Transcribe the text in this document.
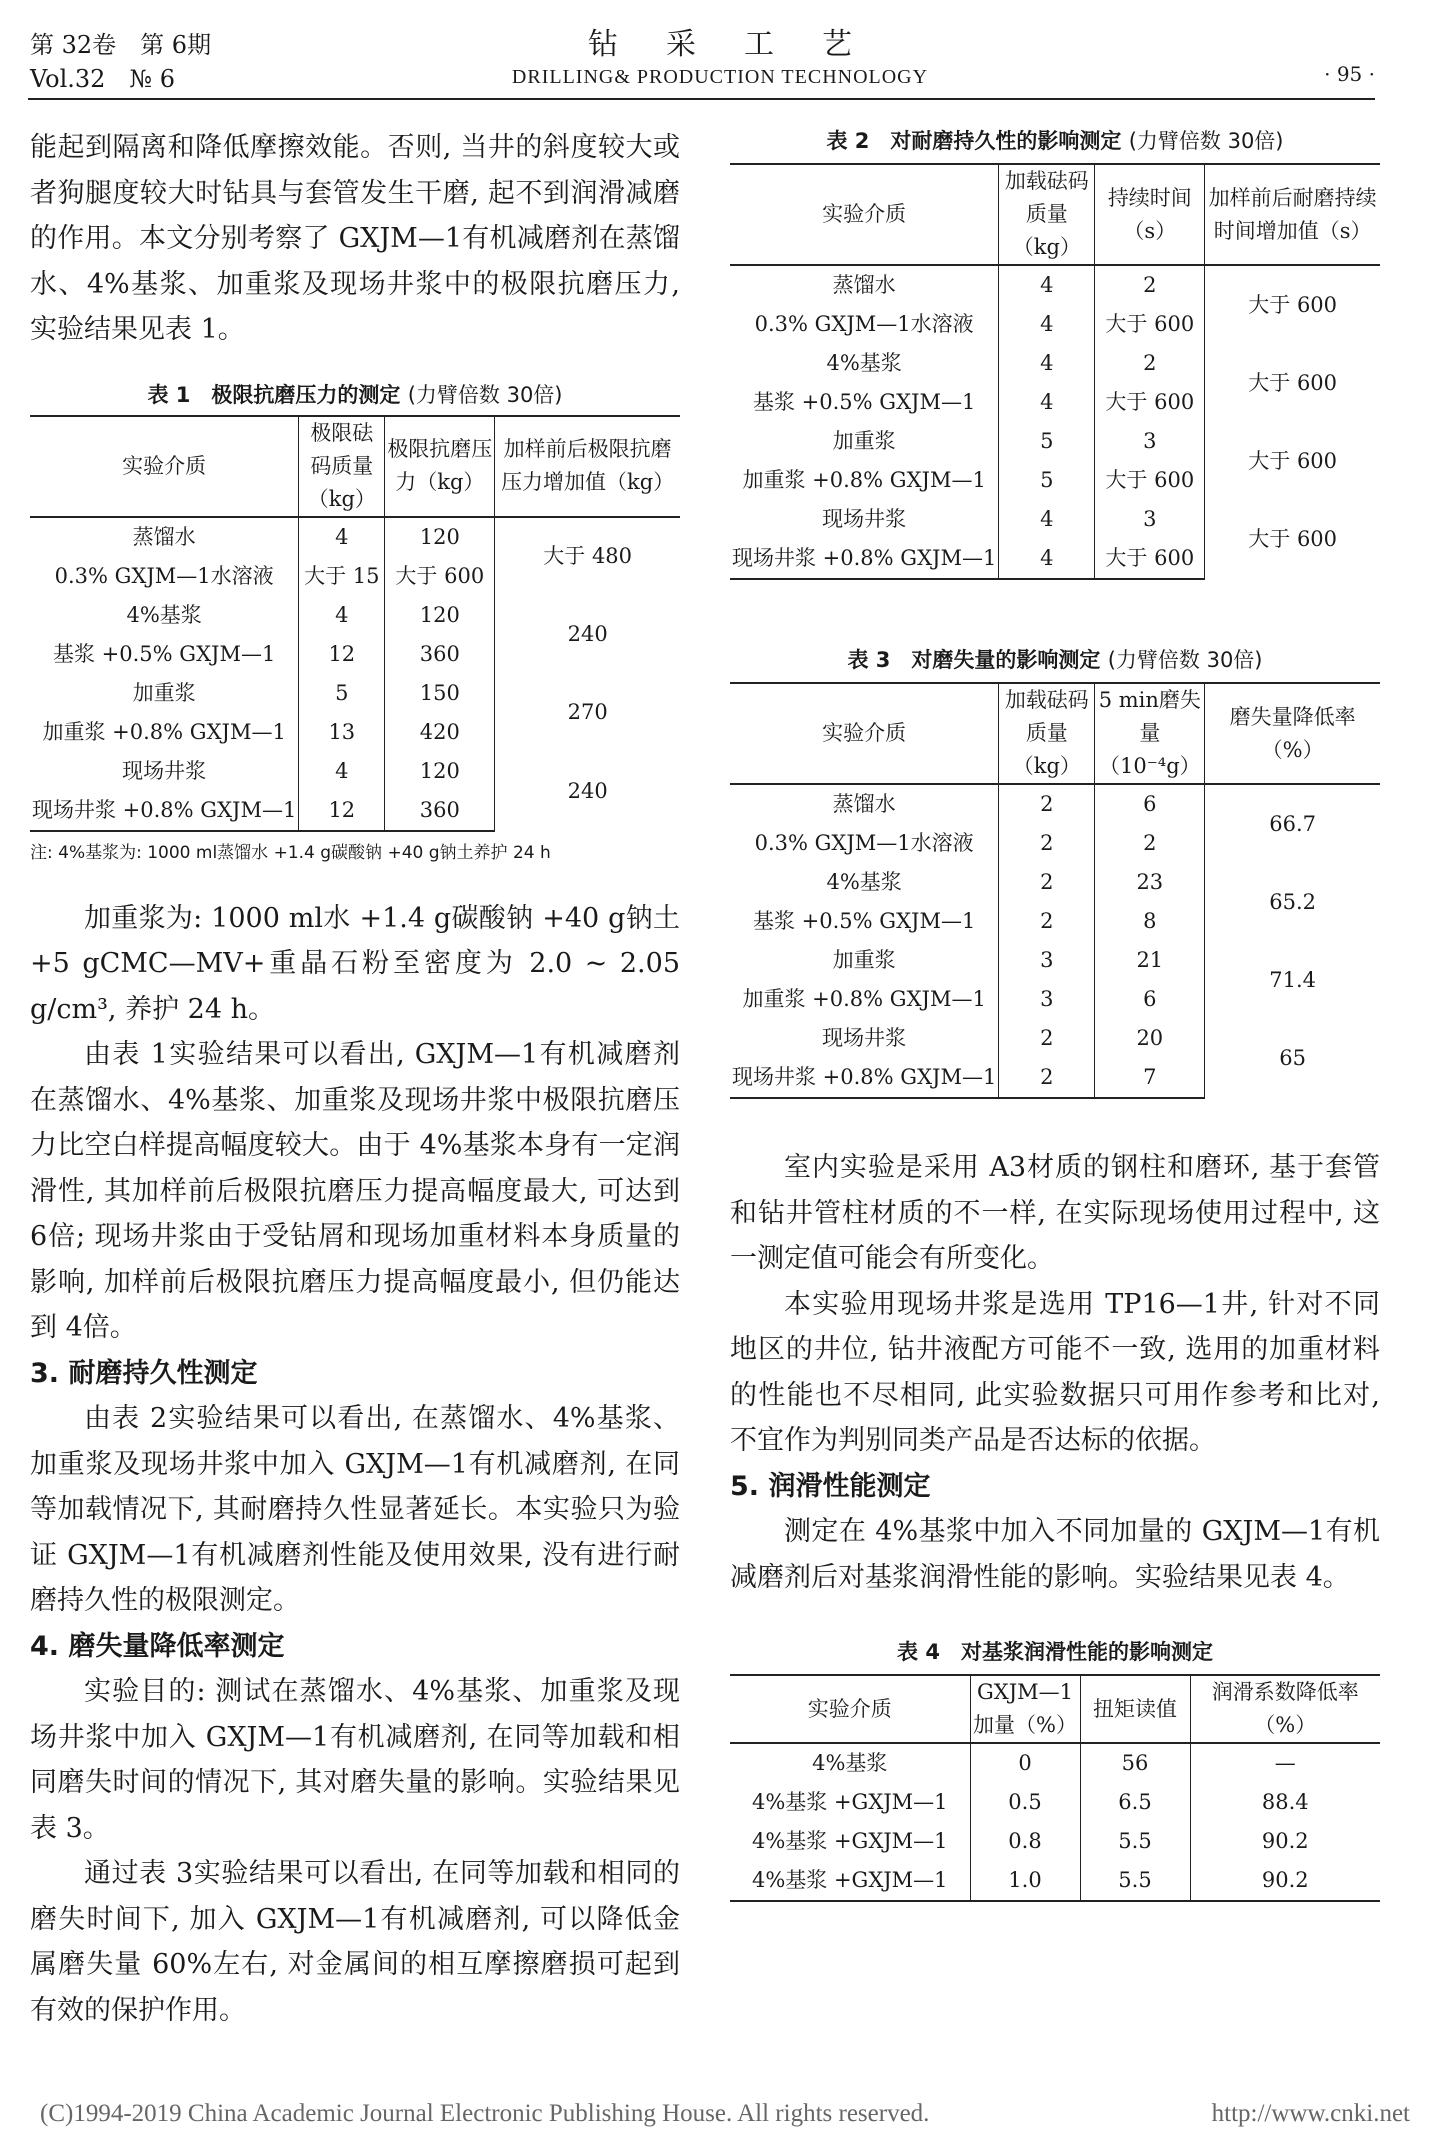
第 32卷　第 6期
Vol.32　№ 6
钻采工艺
DRILLING& PRODUCTION TECHNOLOGY	· 95 ·

能起到隔离和降低摩擦效能。否则, 当井的斜度较大或者狗腿度较大时钻具与套管发生干磨, 起不到润滑减磨的作用。本文分别考察了 GXJM—1有机减磨剂在蒸馏水、4%基浆、加重浆及现场井浆中的极限抗磨压力, 实验结果见表 1。

表 1　极限抗磨压力的测定 (力臂倍数 30倍)
实验介质	极限砝码质量（kg）	极限抗磨压力（kg）	加样前后极限抗磨压力增加值（kg）
蒸馏水	4	120	大于 480
0.3% GXJM—1水溶液	大于 15	大于 600	
4%基浆	4	120	240
基浆 +0.5% GXJM—1	12	360	
加重浆	5	150	270
加重浆 +0.8% GXJM—1	13	420	
现场井浆	4	120	240
现场井浆 +0.8% GXJM—1	12	360	
注: 4%基浆为: 1000 ml蒸馏水 +1.4 g碳酸钠 +40 g钠土养护 24 h

加重浆为: 1000 ml水 +1.4 g碳酸钠 +40 g钠土 +5 gCMC—MV+重晶石粉至密度为 2.0 ~ 2.05 g/cm³, 养护 24 h。

由表 1实验结果可以看出, GXJM—1有机减磨剂在蒸馏水、4%基浆、加重浆及现场井浆中极限抗磨压力比空白样提高幅度较大。由于 4%基浆本身有一定润滑性, 其加样前后极限抗磨压力提高幅度最大, 可达到 6倍; 现场井浆由于受钻屑和现场加重材料本身质量的影响, 加样前后极限抗磨压力提高幅度最小, 但仍能达到 4倍。

3. 耐磨持久性测定

由表 2实验结果可以看出, 在蒸馏水、4%基浆、加重浆及现场井浆中加入 GXJM—1有机减磨剂, 在同等加载情况下, 其耐磨持久性显著延长。本实验只为验证 GXJM—1有机减磨剂性能及使用效果, 没有进行耐磨持久性的极限测定。

4. 磨失量降低率测定

实验目的: 测试在蒸馏水、4%基浆、加重浆及现场井浆中加入 GXJM—1有机减磨剂, 在同等加载和相同磨失时间的情况下, 其对磨失量的影响。实验结果见表 3。

通过表 3实验结果可以看出, 在同等加载和相同的磨失时间下, 加入 GXJM—1有机减磨剂, 可以降低金属磨失量 60%左右, 对金属间的相互摩擦磨损可起到有效的保护作用。

表 2　对耐磨持久性的影响测定 (力臂倍数 30倍)
实验介质	加载砝码质量（kg）	持续时间（s）	加样前后耐磨持续时间增加值（s）
蒸馏水	4	2	大于 600
0.3% GXJM—1水溶液	4	大于 600	
4%基浆	4	2	大于 600
基浆 +0.5% GXJM—1	4	大于 600	
加重浆	5	3	大于 600
加重浆 +0.8% GXJM—1	5	大于 600	
现场井浆	4	3	大于 600
现场井浆 +0.8% GXJM—1	4	大于 600	
表 3　对磨失量的影响测定 (力臂倍数 30倍)
实验介质	加载砝码质量（kg）	5 min磨失量（10⁻⁴g）	磨失量降低率（%）
蒸馏水	2	6	66.7
0.3% GXJM—1水溶液	2	2	
4%基浆	2	23	65.2
基浆 +0.5% GXJM—1	2	8	
加重浆	3	21	71.4
加重浆 +0.8% GXJM—1	3	6	
现场井浆	2	20	65
现场井浆 +0.8% GXJM—1	2	7	

室内实验是采用 A3材质的钢柱和磨环, 基于套管和钻井管柱材质的不一样, 在实际现场使用过程中, 这一测定值可能会有所变化。

本实验用现场井浆是选用 TP16—1井, 针对不同地区的井位, 钻井液配方可能不一致, 选用的加重材料的性能也不尽相同, 此实验数据只可用作参考和比对, 不宜作为判别同类产品是否达标的依据。

5. 润滑性能测定

测定在 4%基浆中加入不同加量的 GXJM—1有机减磨剂后对基浆润滑性能的影响。实验结果见表 4。

表 4　对基浆润滑性能的影响测定
实验介质	GXJM—1加量（%）	扭矩读值	润滑系数降低率（%）
4%基浆	0	56	—
4%基浆 +GXJM—1	0.5	6.5	88.4
4%基浆 +GXJM—1	0.8	5.5	90.2
4%基浆 +GXJM—1	1.0	5.5	90.2
(C)1994-2019 China Academic Journal Electronic Publishing House. All rights reserved.	http://www.cnki.net
